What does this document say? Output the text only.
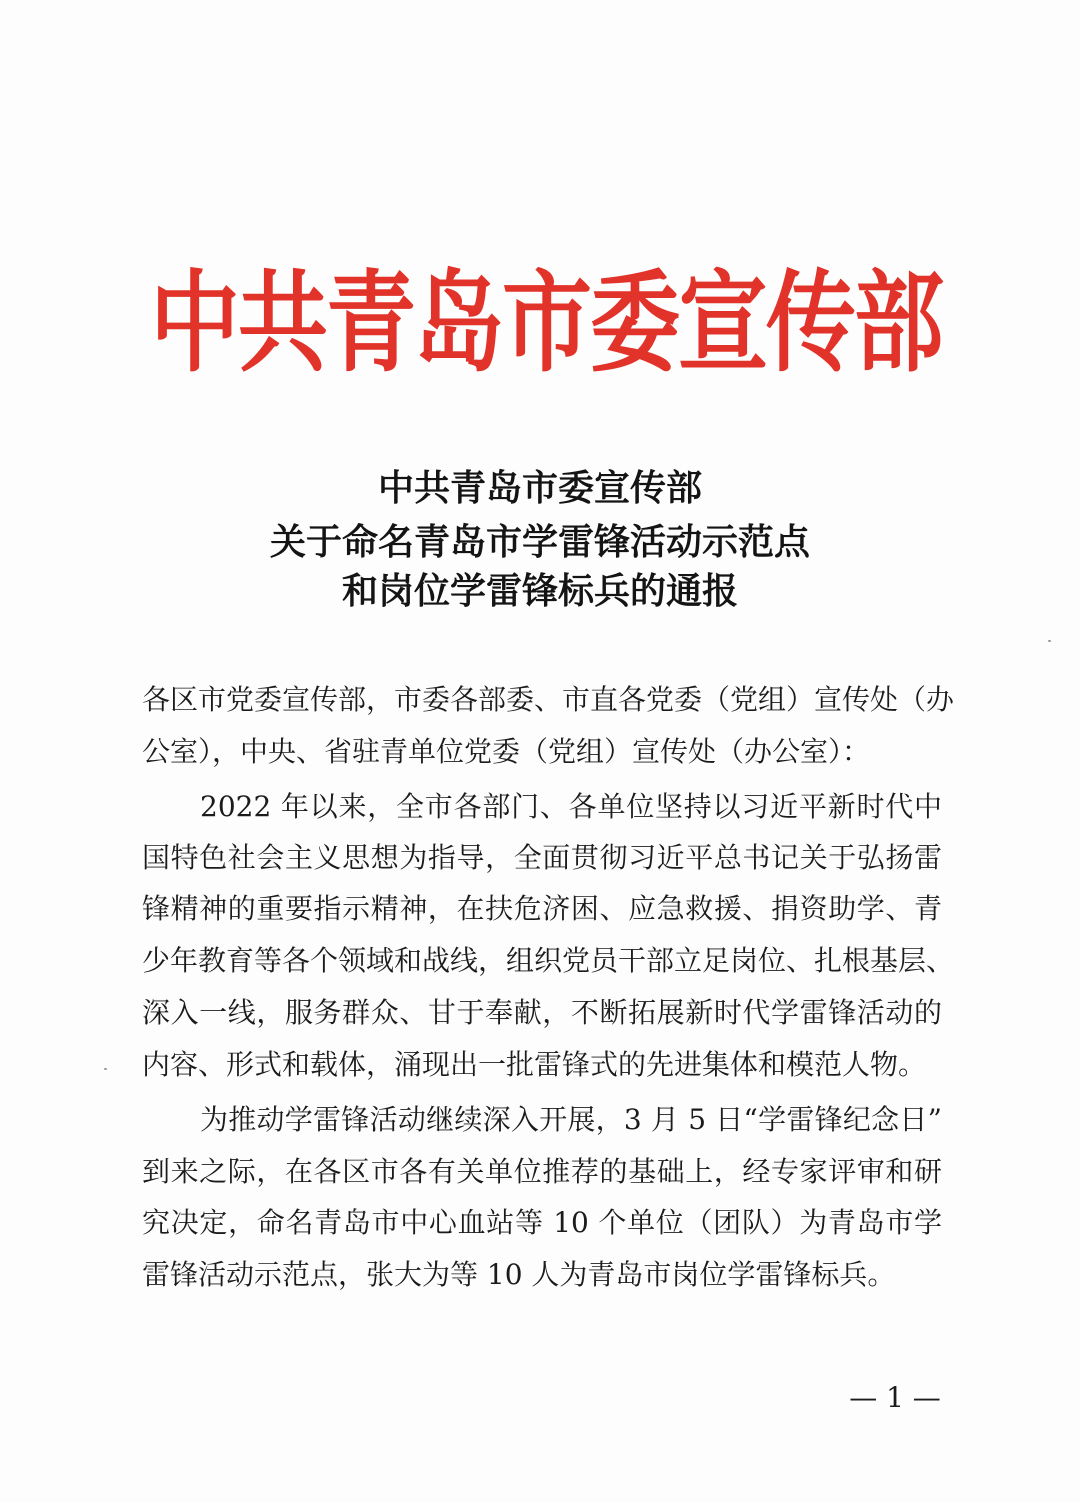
中共青岛市委宣传部
中共青岛市委宣传部
关于命名青岛市学雷锋活动示范点
和岗位学雷锋标兵的通报
各区市党委宣传部，市委各部委、市直各党委（党组）宣传处（办
公室），中央、省驻青单位党委（党组）宣传处（办公室）：
2022 年以来，全市各部门、各单位坚持以习近平新时代中
国特色社会主义思想为指导，全面贯彻习近平总书记关于弘扬雷
锋精神的重要指示精神，在扶危济困、应急救援、捐资助学、青
少年教育等各个领域和战线，组织党员干部立足岗位、扎根基层、
深入一线，服务群众、甘于奉献，不断拓展新时代学雷锋活动的
内容、形式和载体，涌现出一批雷锋式的先进集体和模范人物。
为推动学雷锋活动继续深入开展，3 月 5 日“学雷锋纪念日”
到来之际，在各区市各有关单位推荐的基础上，经专家评审和研
究决定，命名青岛市中心血站等 10 个单位（团队）为青岛市学
雷锋活动示范点，张大为等 10 人为青岛市岗位学雷锋标兵。
— 1 —
